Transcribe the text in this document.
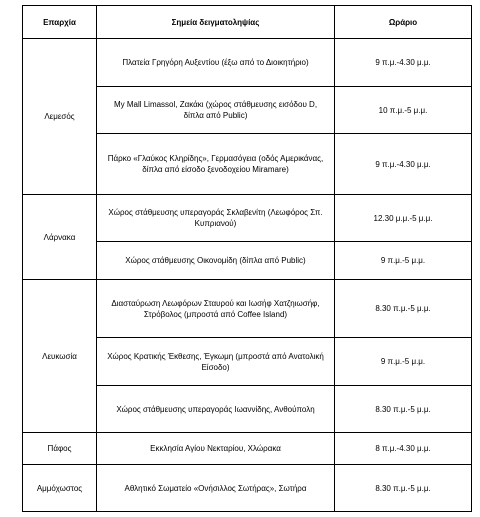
Επαρχία	Σημεία δειγματοληψίας	Ωράριο
Λεμεσός	Πλατεία Γρηγόρη Αυξεντίου (έξω από το Διοικητήριο)	9 π.μ.-4.30 μ.μ.
	My Mall Limassol, Ζακάκι (χώρος στάθμευσης εισόδου D, δίπλα από Public)	10 π.μ.-5 μ.μ.
	Πάρκο «Γλαύκος Κληρίδης», Γερμασόγεια (οδός Αμερικάνας, δίπλα από είσοδο ξενοδοχείου Miramare)	9 π.μ.-4.30 μ.μ.
Λάρνακα	Χώρος στάθμευσης υπεραγοράς Σκλαβενίτη (Λεωφόρος Σπ. Κυπριανού)	12.30 μ.μ.-5 μ.μ.
	Χώρος στάθμευσης Οικονομίδη (δίπλα από Public)	9 π.μ.-5 μ.μ.
Λευκωσία	Διασταύρωση Λεωφόρων Σταυρού και Ιωσήφ Χατζηιωσήφ, Στρόβολος (μπροστά από Coffee Island)	8.30 π.μ.-5 μ.μ.
	Χώρος Κρατικής Έκθεσης, Έγκωμη (μπροστά από Ανατολική Είσοδο)	9 π.μ.-5 μ.μ.
	Χώρος στάθμευσης υπεραγοράς Ιωαννίδης, Ανθούπολη	8.30 π.μ.-5 μ.μ.
Πάφος	Εκκλησία Αγίου Νεκταρίου, Χλώρακα	8 π.μ.-4.30 μ.μ.
Αμμόχωστος	Αθλητικό Σωματείο «Ονήσιλλος Σωτήρας», Σωτήρα	8.30 π.μ.-5 μ.μ.
